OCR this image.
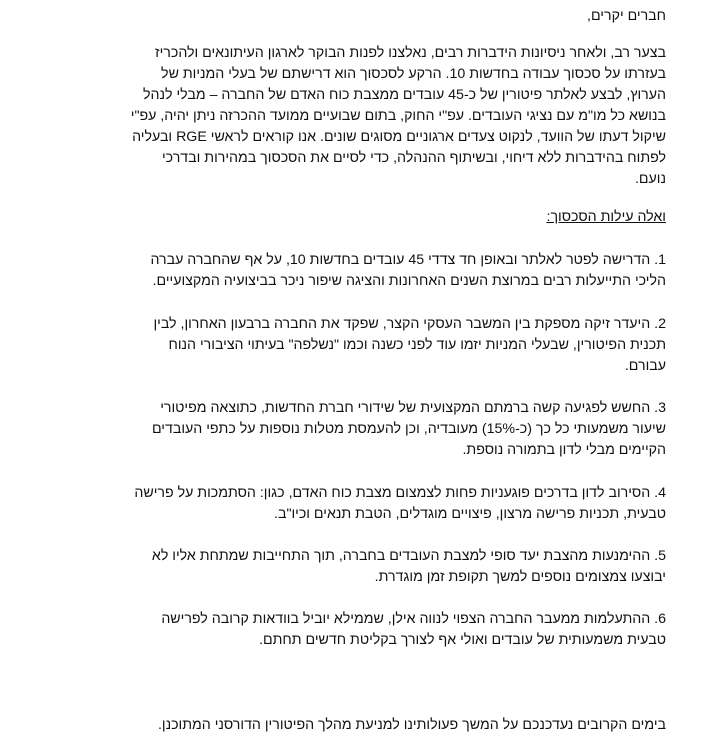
חברים יקרים,

בצער רב, ולאחר ניסיונות הידברות רבים, נאלצנו לפנות הבוקר לארגון העיתונאים ולהכריז בעזרתו על סכסוך עבודה בחדשות 10. הרקע לסכסוך הוא דרישתם של בעלי המניות של הערוץ, לבצע לאלתר פיטורין של כ-45 עובדים ממצבת כוח האדם של החברה – מבלי לנהל בנושא כל מו"מ עם נציגי העובדים. עפ"י החוק, בתום שבועיים ממועד ההכרזה ניתן יהיה, עפ"י שיקול דעתו של הוועד, לנקוט צעדים ארגוניים מסוגים שונים. אנו קוראים לראשי RGE ובעליה לפתוח בהידברות ללא דיחוי, ובשיתוף ההנהלה, כדי לסיים את הסכסוך במהירות ובדרכי נועם.

ואלה עילות הסכסוך:

1. הדרישה לפטר לאלתר ובאופן חד צדדי 45 עובדים בחדשות 10, על אף שהחברה עברה הליכי התייעלות רבים במרוצת השנים האחרונות והציגה שיפור ניכר בביצועיה המקצועיים.

2. היעדר זיקה מספקת בין המשבר העסקי הקצר, שפקד את החברה ברבעון האחרון, לבין תכנית הפיטורין, שבעלי המניות יזמו עוד לפני כשנה וכמו "נשלפה" בעיתוי הציבורי הנוח עבורם.

3. החשש לפגיעה קשה ברמתם המקצועית של שידורי חברת החדשות, כתוצאה מפיטורי שיעור משמעותי כל כך (כ-15%) מעובדיה, וכן להעמסת מטלות נוספות על כתפי העובדים הקיימים מבלי לדון בתמורה נוספת.

4. הסירוב לדון בדרכים פוגעניות פחות לצמצום מצבת כוח האדם, כגון: הסתמכות על פרישה טבעית, תכניות פרישה מרצון, פיצויים מוגדלים, הטבת תנאים וכיו"ב.

5. ההימנעות מהצבת יעד סופי למצבת העובדים בחברה, תוך התחייבות שמתחת אליו לא יבוצעו צמצומים נוספים למשך תקופת זמן מוגדרת.

6. ההתעלמות ממעבר החברה הצפוי לנווה אילן, שממילא יוביל בוודאות קרובה לפרישה טבעית משמעותית של עובדים ואולי אף לצורך בקליטת חדשים תחתם.

בימים הקרובים נעדכנכם על המשך פעולותינו למניעת מהלך הפיטורין הדורסני המתוכנן.
